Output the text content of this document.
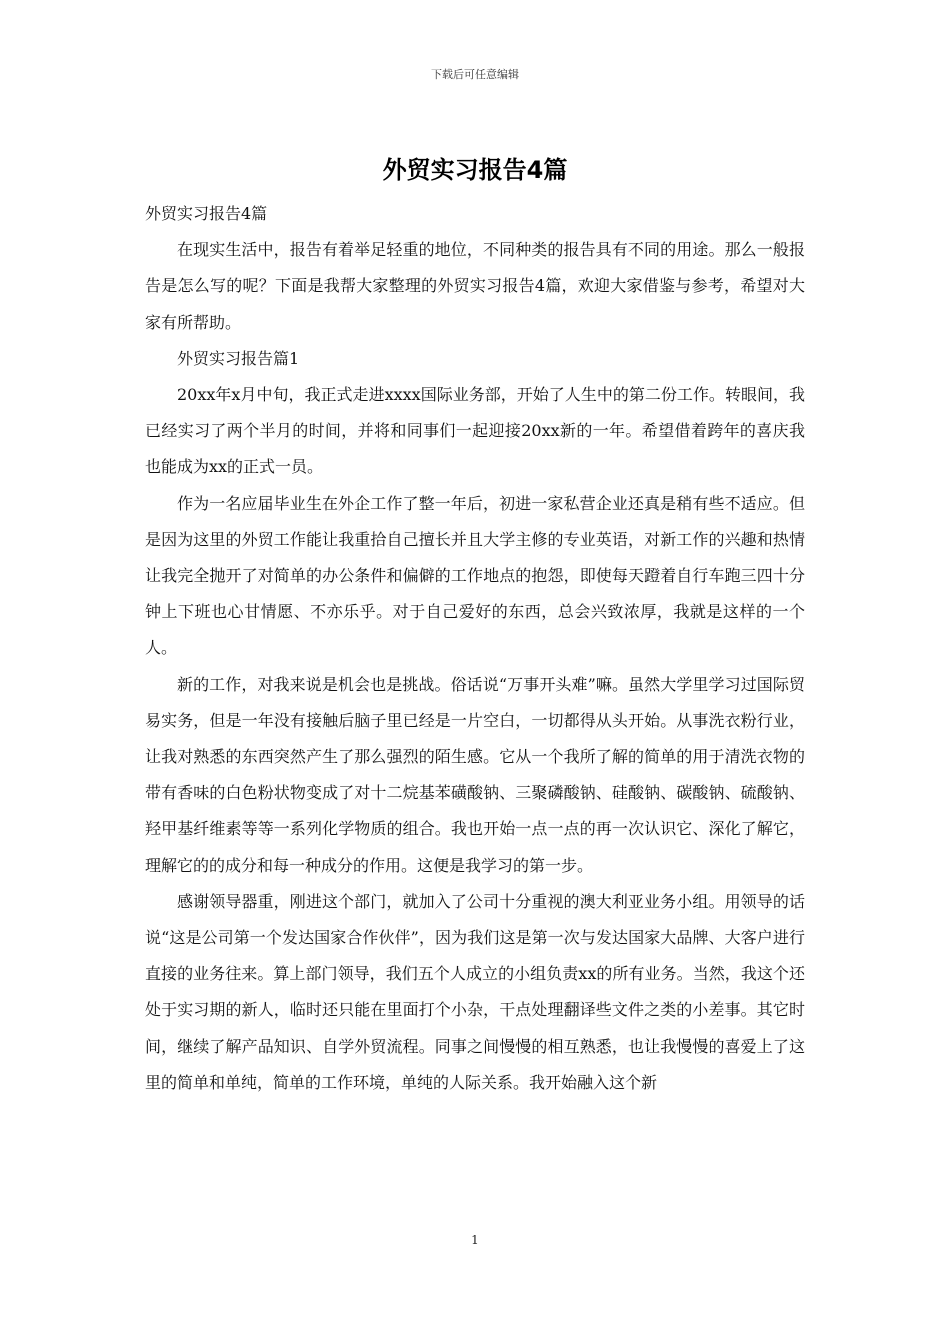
下载后可任意编辑
外贸实习报告4篇

外贸实习报告4篇

在现实生活中，报告有着举足轻重的地位，不同种类的报告具有不同的用途。那么一般报告是怎么写的呢？下面是我帮大家整理的外贸实习报告4篇，欢迎大家借鉴与参考，希望对大家有所帮助。

外贸实习报告篇1

20xx年x月中旬，我正式走进xxxx国际业务部，开始了人生中的第二份工作。转眼间，我已经实习了两个半月的时间，并将和同事们一起迎接20xx新的一年。希望借着跨年的喜庆我也能成为xx的正式一员。

作为一名应届毕业生在外企工作了整一年后，初进一家私营企业还真是稍有些不适应。但是因为这里的外贸工作能让我重拾自己擅长并且大学主修的专业英语，对新工作的兴趣和热情让我完全抛开了对简单的办公条件和偏僻的工作地点的抱怨，即使每天蹬着自行车跑三四十分钟上下班也心甘情愿、不亦乐乎。对于自己爱好的东西，总会兴致浓厚，我就是这样的一个人。

新的工作，对我来说是机会也是挑战。俗话说“万事开头难”嘛。虽然大学里学习过国际贸易实务，但是一年没有接触后脑子里已经是一片空白，一切都得从头开始。从事洗衣粉行业，让我对熟悉的东西突然产生了那么强烈的陌生感。它从一个我所了解的简单的用于清洗衣物的带有香味的白色粉状物变成了对十二烷基苯磺酸钠、三聚磷酸钠、硅酸钠、碳酸钠、硫酸钠、羟甲基纤维素等等一系列化学物质的组合。我也开始一点一点的再一次认识它、深化了解它，理解它的的成分和每一种成分的作用。这便是我学习的第一步。

感谢领导器重，刚进这个部门，就加入了公司十分重视的澳大利亚业务小组。用领导的话说“这是公司第一个发达国家合作伙伴”，因为我们这是第一次与发达国家大品牌、大客户进行直接的业务往来。算上部门领导，我们五个人成立的小组负责xx的所有业务。当然，我这个还处于实习期的新人，临时还只能在里面打个小杂，干点处理翻译些文件之类的小差事。其它时间，继续了解产品知识、自学外贸流程。同事之间慢慢的相互熟悉，也让我慢慢的喜爱上了这里的简单和单纯，简单的工作环境，单纯的人际关系。我开始融入这个新

1
